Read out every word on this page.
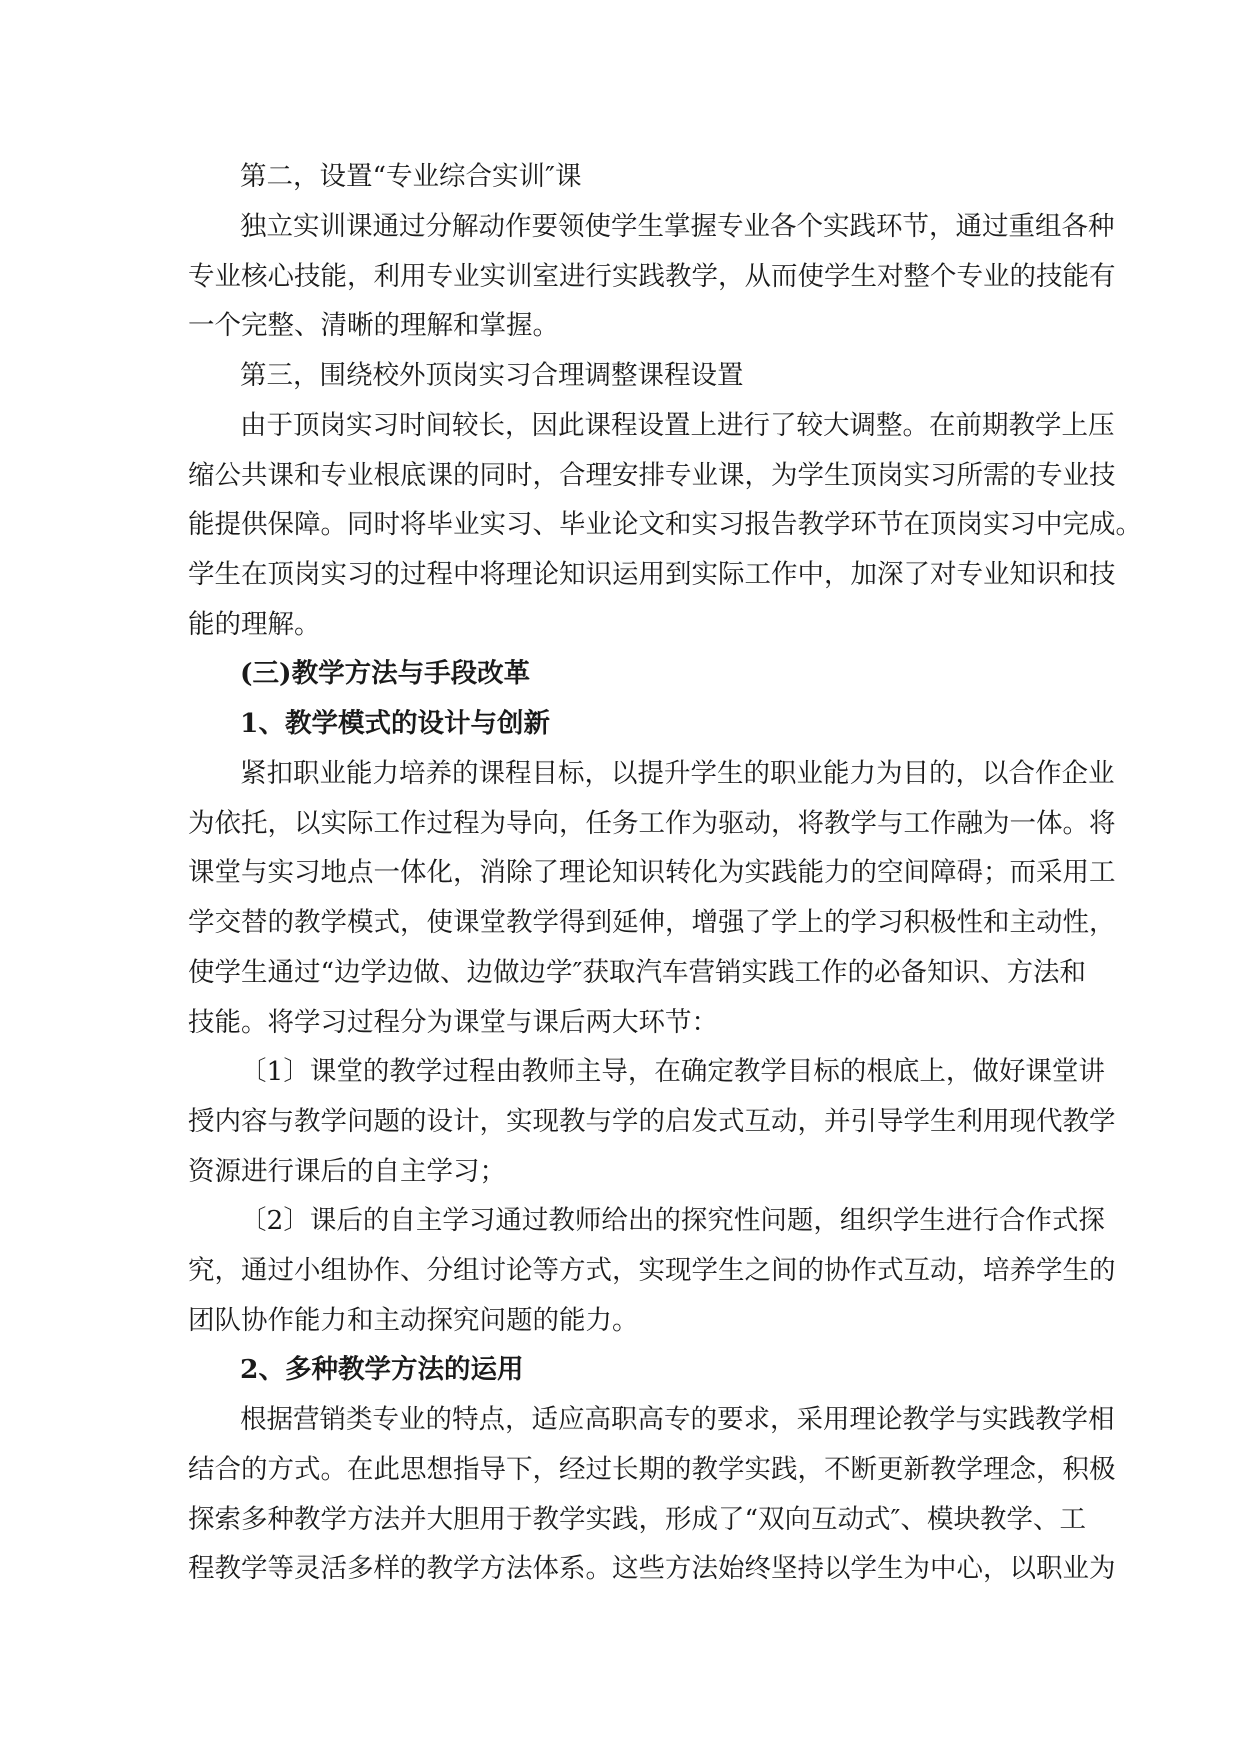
第二，设置“专业综合实训″课
独立实训课通过分解动作要领使学生掌握专业各个实践环节，通过重组各种
专业核心技能，利用专业实训室进行实践教学，从而使学生对整个专业的技能有
一个完整、清晰的理解和掌握。
第三，围绕校外顶岗实习合理调整课程设置
由于顶岗实习时间较长，因此课程设置上进行了较大调整。在前期教学上压
缩公共课和专业根底课的同时，合理安排专业课，为学生顶岗实习所需的专业技
能提供保障。同时将毕业实习、毕业论文和实习报告教学环节在顶岗实习中完成。
学生在顶岗实习的过程中将理论知识运用到实际工作中，加深了对专业知识和技
能的理解。
(三)教学方法与手段改革
1、教学模式的设计与创新
紧扣职业能力培养的课程目标，以提升学生的职业能力为目的，以合作企业
为依托，以实际工作过程为导向，任务工作为驱动，将教学与工作融为一体。将
课堂与实习地点一体化，消除了理论知识转化为实践能力的空间障碍；而采用工
学交替的教学模式，使课堂教学得到延伸，增强了学上的学习积极性和主动性，
使学生通过“边学边做、边做边学″获取汽车营销实践工作的必备知识、方法和
技能。将学习过程分为课堂与课后两大环节：
〔1〕课堂的教学过程由教师主导，在确定教学目标的根底上，做好课堂讲
授内容与教学问题的设计，实现教与学的启发式互动，并引导学生利用现代教学
资源进行课后的自主学习；
〔2〕课后的自主学习通过教师给出的探究性问题，组织学生进行合作式探
究，通过小组协作、分组讨论等方式，实现学生之间的协作式互动，培养学生的
团队协作能力和主动探究问题的能力。
2、多种教学方法的运用
根据营销类专业的特点，适应高职高专的要求，采用理论教学与实践教学相
结合的方式。在此思想指导下，经过长期的教学实践，不断更新教学理念，积极
探索多种教学方法并大胆用于教学实践，形成了“双向互动式″、模块教学、工
程教学等灵活多样的教学方法体系。这些方法始终坚持以学生为中心，以职业为
